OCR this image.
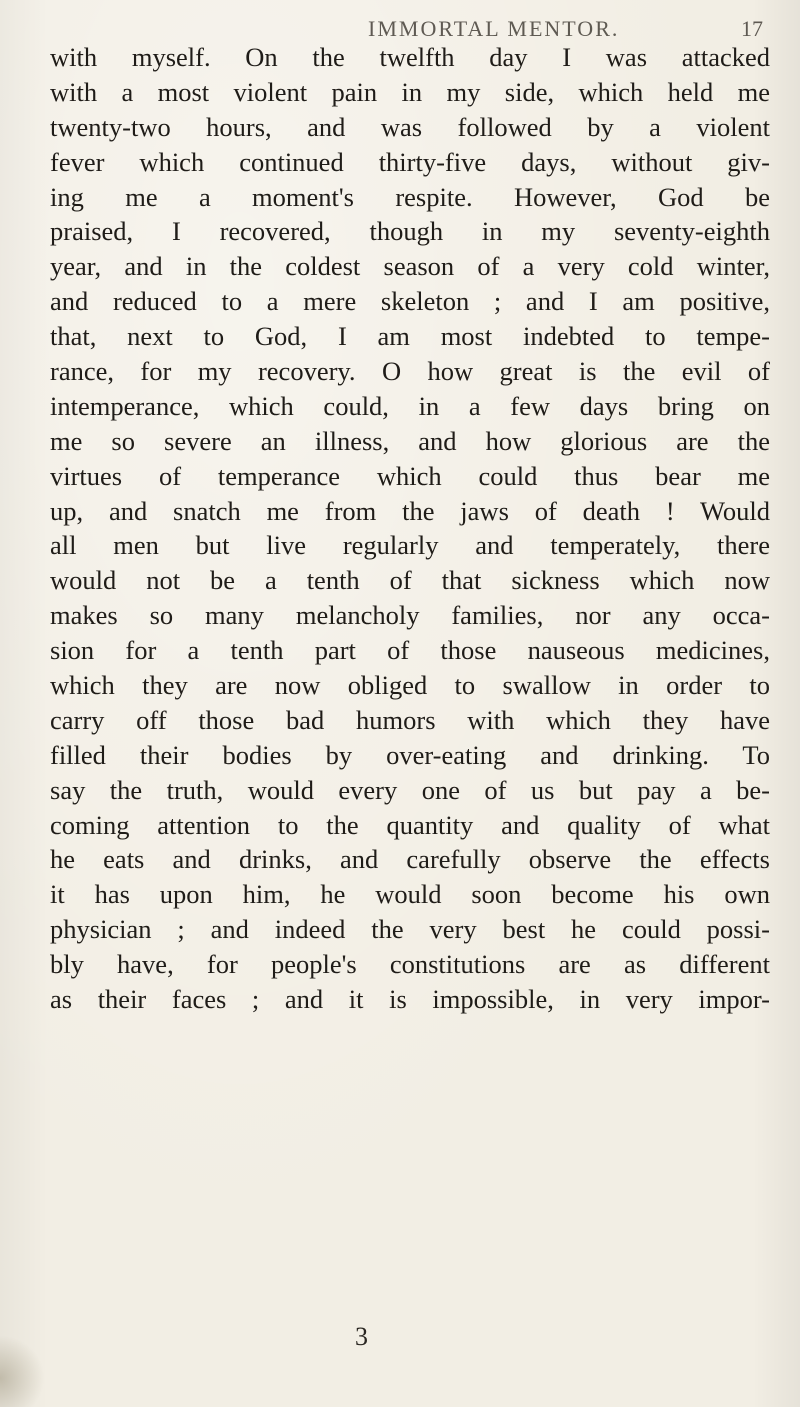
IMMORTAL MENTOR.	17
with myself. On the twelfth day I was attacked
with a most violent pain in my side, which held me
twenty-two hours, and was followed by a violent
fever which continued thirty-five days, without giv-
ing me a moment's respite. However, God be
praised, I recovered, though in my seventy-eighth
year, and in the coldest season of a very cold winter,
and reduced to a mere skeleton ; and I am positive,
that, next to God, I am most indebted to tempe-
rance, for my recovery. O how great is the evil of
intemperance, which could, in a few days bring on
me so severe an illness, and how glorious are the
virtues of temperance which could thus bear me
up, and snatch me from the jaws of death ! Would
all men but live regularly and temperately, there
would not be a tenth of that sickness which now
makes so many melancholy families, nor any occa-
sion for a tenth part of those nauseous medicines,
which they are now obliged to swallow in order to
carry off those bad humors with which they have
filled their bodies by over-eating and drinking. To
say the truth, would every one of us but pay a be-
coming attention to the quantity and quality of what
he eats and drinks, and carefully observe the effects
it has upon him, he would soon become his own
physician ; and indeed the very best he could possi-
bly have, for people's constitutions are as different
as their faces ; and it is impossible, in very impor-
3
